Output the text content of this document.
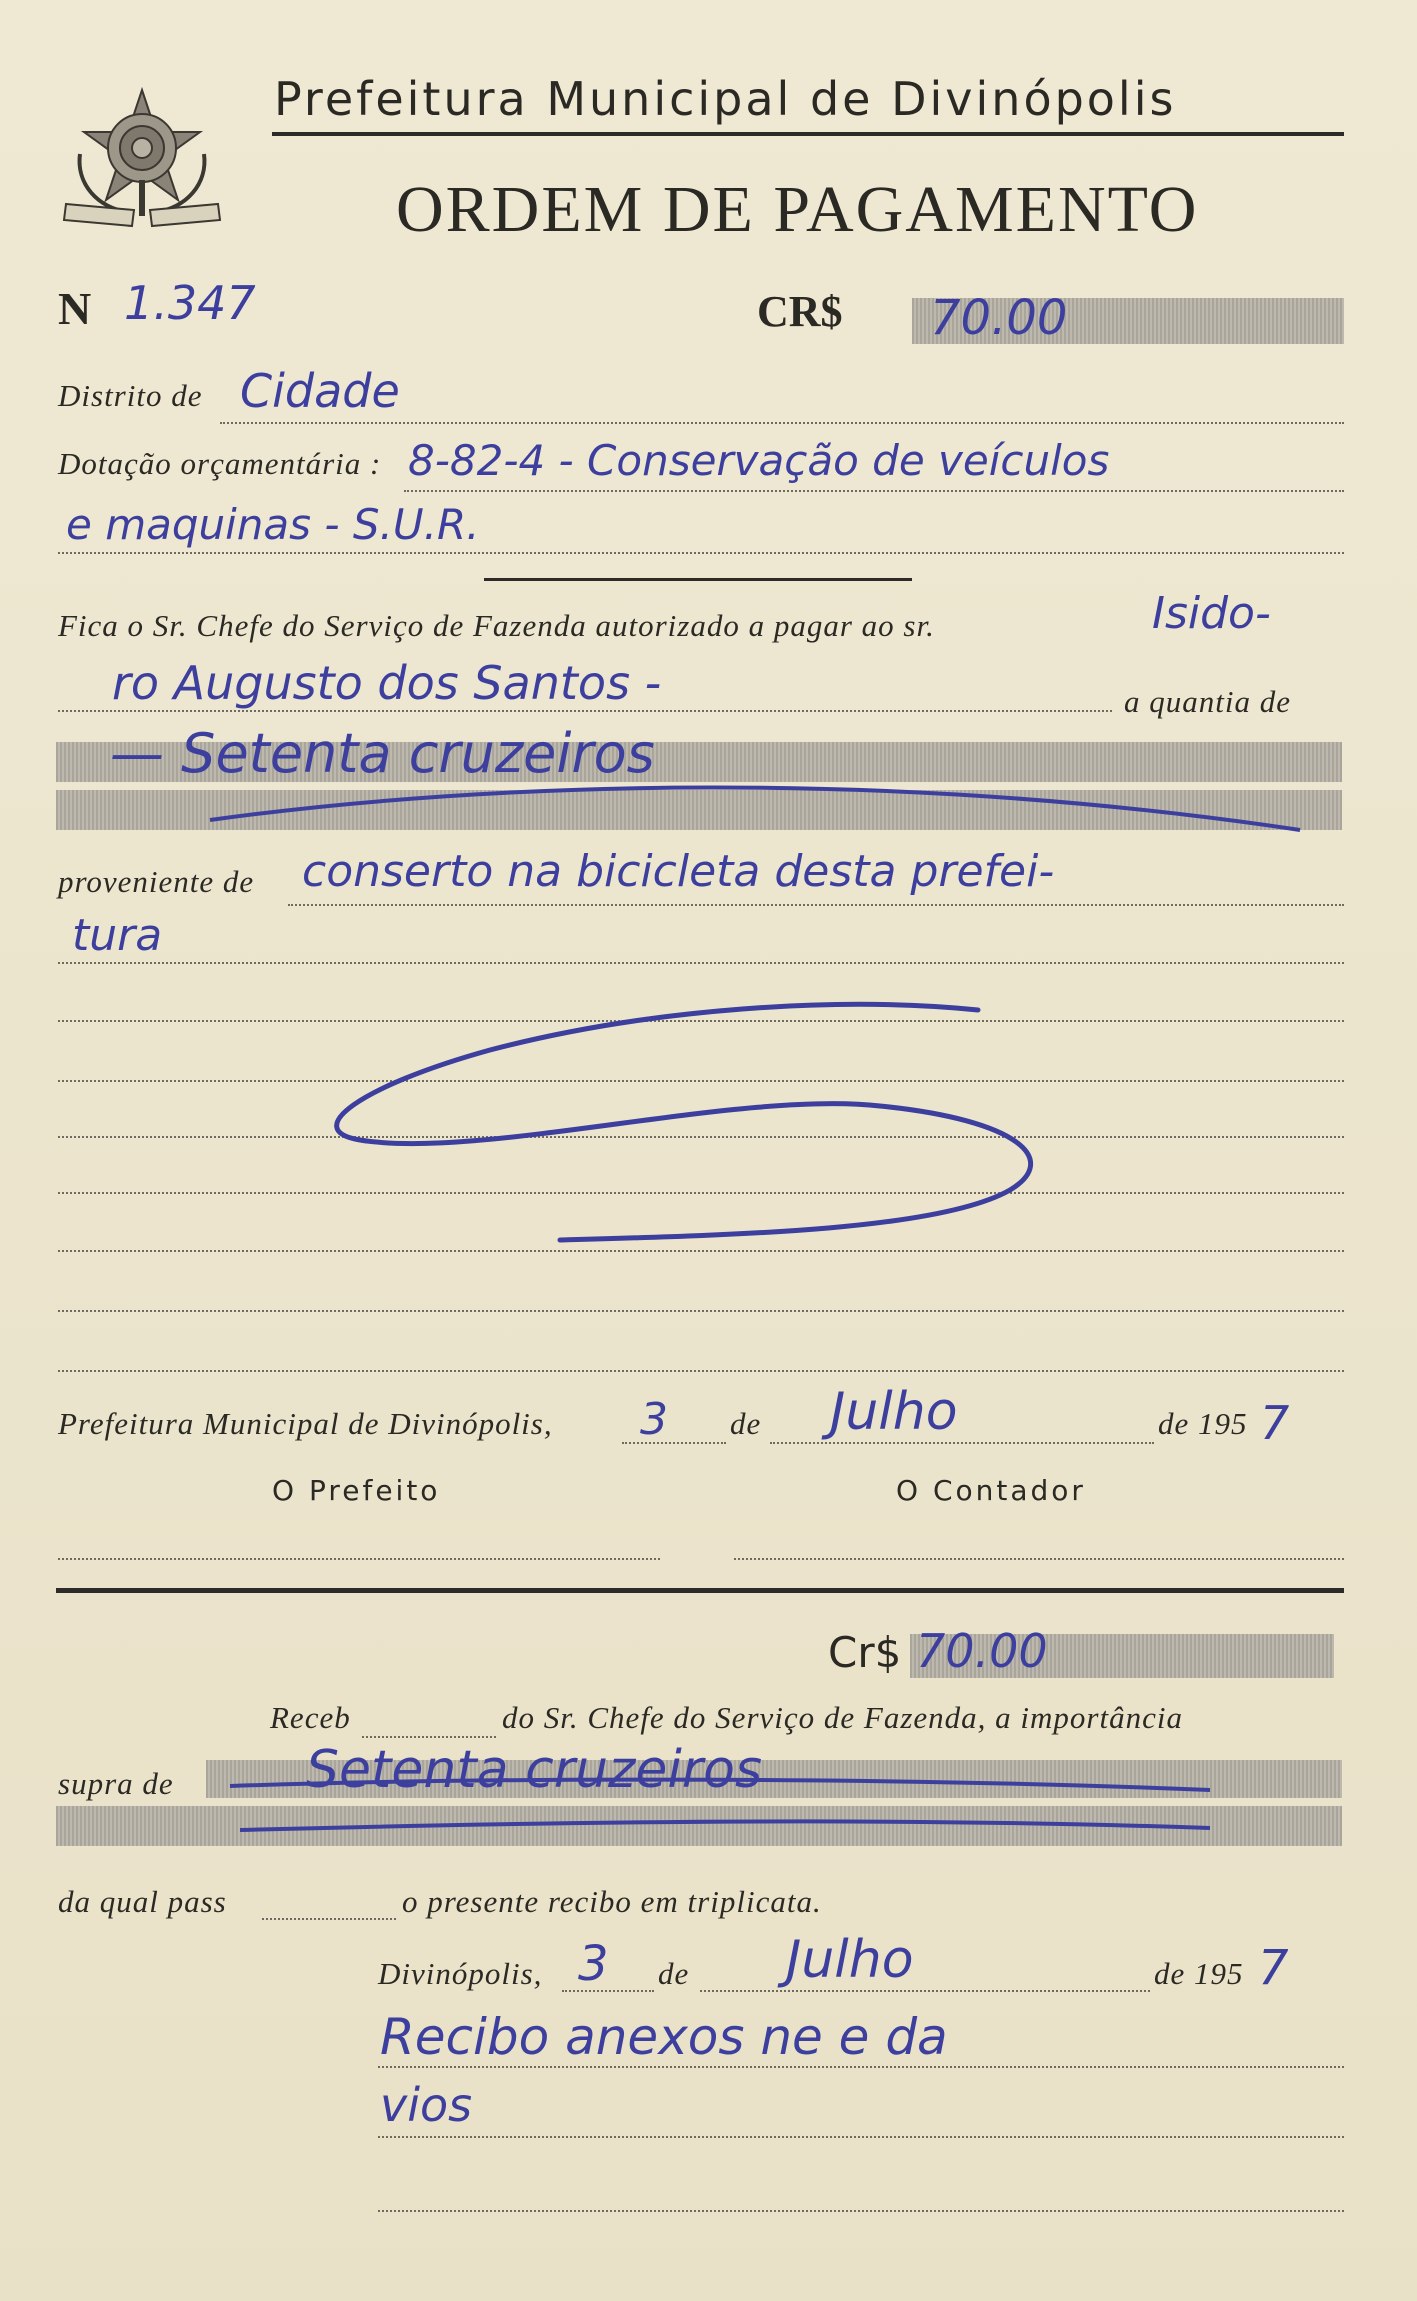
Prefeitura Municipal de Divinópolis
ORDEM DE PAGAMENTO
N 1.347	CR$ 70.00
Distrito de Cidade
Dotação orçamentária : 8-82-4 - Conservação de veículos
e maquinas - S.U.R.
Fica o Sr. Chefe do Serviço de Fazenda autorizado a pagar ao sr.	Isido-
ro Augusto dos Santos -	a quantia de
— Setenta cruzeiros
proveniente de conserto na bicicleta desta prefei-
tura
Prefeitura Municipal de Divinópolis, 3 de Julho	de 195 7
O Prefeito	O Contador
Cr$ 70.00
Receb	do Sr. Chefe do Serviço de Fazenda, a importância
supra de	Setenta cruzeiros
da qual pass	o presente recibo em triplicata.
Divinópolis, 3 de Julho	de 195 7
Recibo anexos ne e da
vios
